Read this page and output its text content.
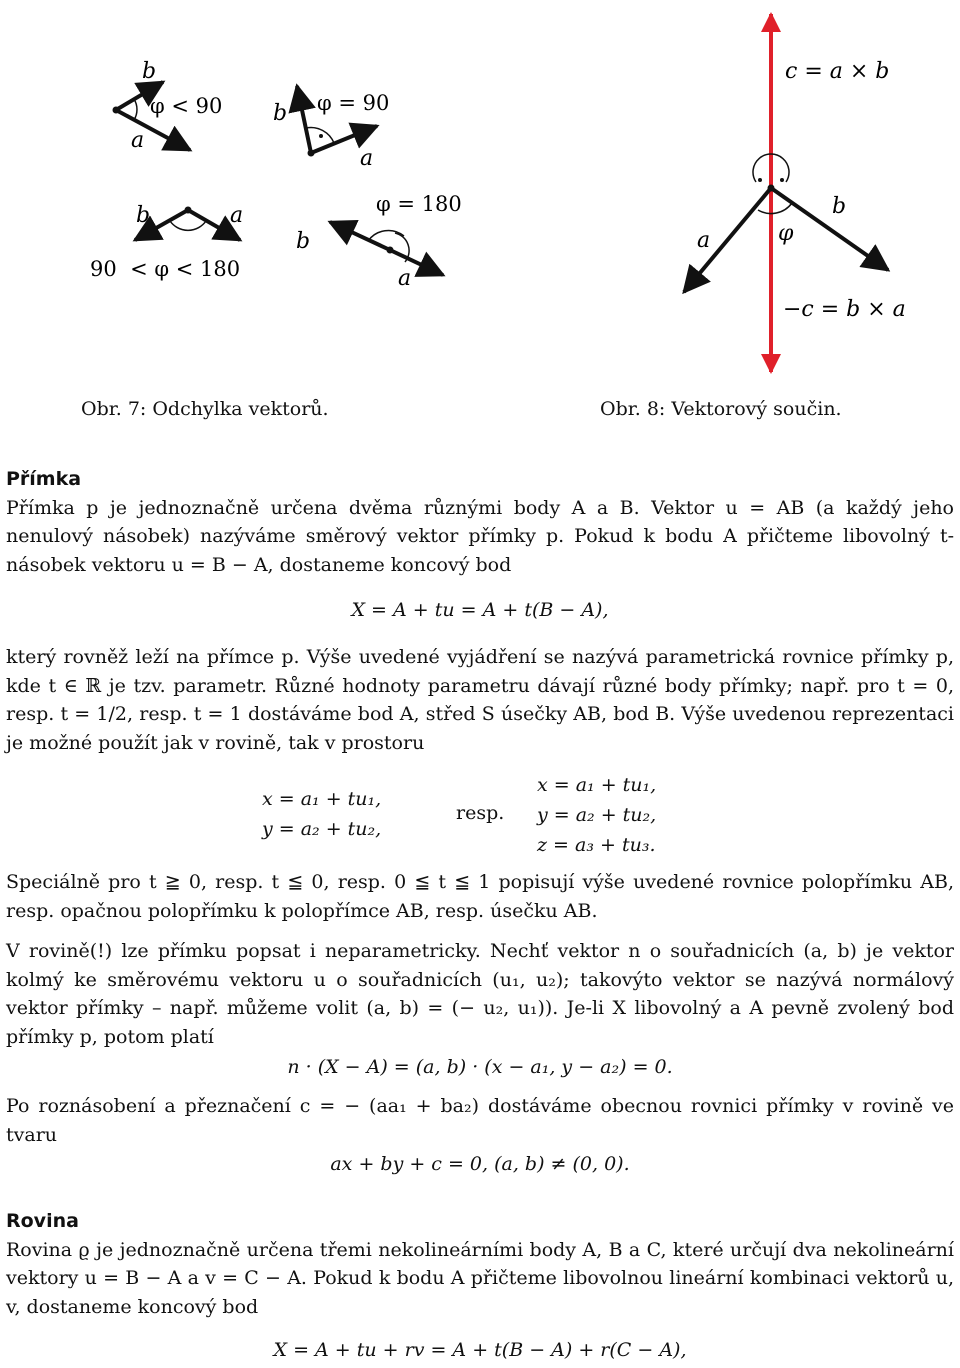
b
a
φ < 90 b
a
φ = 90
b	a
90  < φ < 180
b
a
φ = 180
c = a × b
−c = b × a
a
b
φ
Obr. 7: Odchylka vektorů.	Obr. 8: Vektorový součin.

Přímka

Přímka p je jednoznačně určena dvěma různými body A a B. Vektor u = AB (a každý jeho nenulový násobek) nazýváme směrový vektor přímky p. Pokud k bodu A přičteme libovolný t-násobek vektoru u = B − A, dostaneme koncový bod

X = A + tu = A + t(B − A),
který rovněž leží na přímce p. Výše uvedené vyjádření se nazývá parametrická rovnice přímky p, kde t ∈ ℝ je tzv. parametr. Různé hodnoty parametru dávají různé body přímky; např. pro t = 0, resp. t = 1/2, resp. t = 1 dostáváme bod A, střed S úsečky AB, bod B. Výše uvedenou reprezentaci je možné použít jak v rovině, tak v prostoru
x = a₁ + tu₁,
y = a₂ + tu₂,
resp.
x = a₁ + tu₁,
y = a₂ + tu₂,
z = a₃ + tu₃.
Speciálně pro t ≧ 0, resp. t ≦ 0, resp. 0 ≦ t ≦ 1 popisují výše uvedené rovnice polopřímku AB, resp. opačnou polopřímku k polopřímce AB, resp. úsečku AB.
V rovině(!) lze přímku popsat i neparametricky. Nechť vektor n o souřadnicích (a, b) je vektor kolmý ke směrovému vektoru u o souřadnicích (u₁, u₂); takovýto vektor se nazývá normálový vektor přímky – např. můžeme volit (a, b) = (− u₂, u₁)). Je-li X libovolný a A pevně zvolený bod přímky p, potom platí
n · (X − A) = (a, b) · (x − a₁, y − a₂) = 0.
Po roznásobení a přeznačení c = − (aa₁ + ba₂) dostáváme obecnou rovnici přímky v rovině ve tvaru
ax + by + c = 0, (a, b) ≠ (0, 0).

Rovina

Rovina ϱ je jednoznačně určena třemi nekolineárními body A, B a C, které určují dva nekolineární vektory u = B − A a v = C − A. Pokud k bodu A přičteme libovolnou lineární kombinaci vektorů u, v, dostaneme koncový bod

X = A + tu + rv = A + t(B − A) + r(C − A),
